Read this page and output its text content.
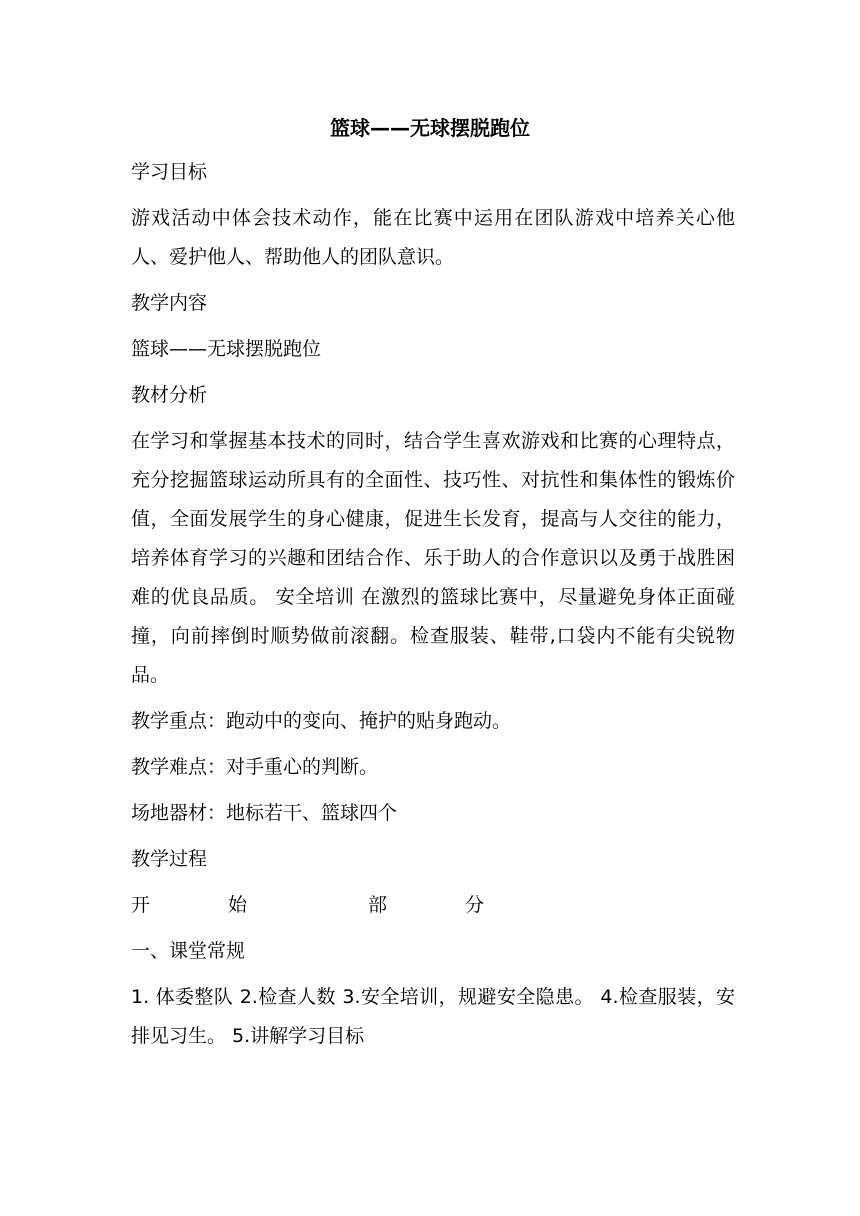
篮球——无球摆脱跑位
学习目标
游戏活动中体会技术动作，能在比赛中运用在团队游戏中培养关心他人、爱护他人、帮助他人的团队意识。
教学内容
篮球——无球摆脱跑位
教材分析
在学习和掌握基本技术的同时，结合学生喜欢游戏和比赛的心理特点，充分挖掘篮球运动所具有的全面性、技巧性、对抗性和集体性的锻炼价值，全面发展学生的身心健康，促进生长发育，提高与人交往的能力，培养体育学习的兴趣和团结合作、乐于助人的合作意识以及勇于战胜困难的优良品质。 安全培训 在激烈的篮球比赛中，尽量避免身体正面碰撞，向前摔倒时顺势做前滚翻。检查服装、鞋带,口袋内不能有尖锐物品。
教学重点：跑动中的变向、掩护的贴身跑动。
教学难点：对手重心的判断。
场地器材：地标若干、篮球四个
教学过程
开	始	部	分
一、课堂常规
1. 体委整队 2.检查人数 3.安全培训，规避安全隐患。 4.检查服装，安排见习生。 5.讲解学习目标
